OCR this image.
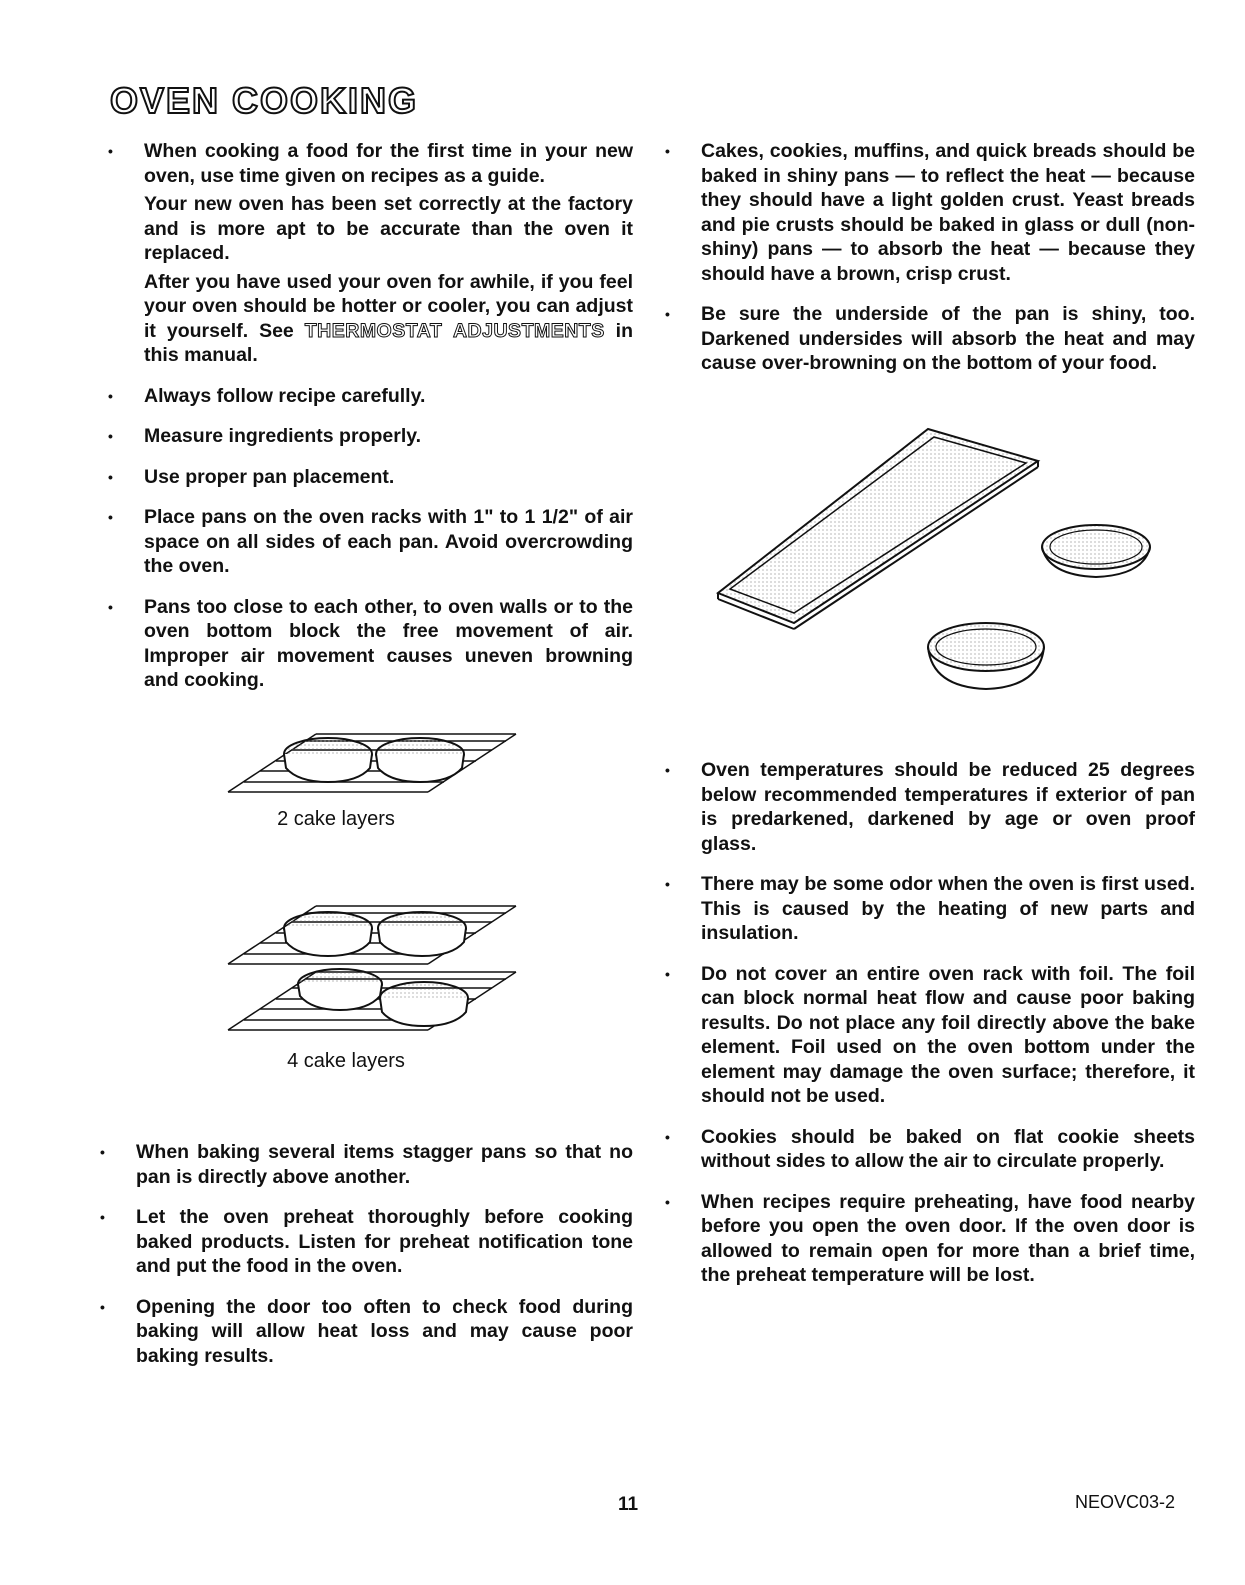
OVEN COOKING
•	When cooking a food for the first time in your new oven, use time given on recipes as a guide.

Your new oven has been set correctly at the factory and is more apt to be accurate than the oven it replaced.

After you have used your oven for awhile, if you feel your oven should be hotter or cooler, you can adjust it yourself. See THERMOSTAT ADJUSTMENTS in this manual.

•	Always follow recipe carefully.
•	Measure ingredients properly.
•	Use proper pan placement.
•	Place pans on the oven racks with 1" to 1 1/2" of air space on all sides of each pan. Avoid overcrowding the oven.
•	Pans too close to each other, to oven walls or to the oven bottom block the free movement of air. Improper air movement causes uneven browning and cooking.
•	Cakes, cookies, muffins, and quick breads should be baked in shiny pans — to reflect the heat — because they should have a light golden crust. Yeast breads and pie crusts should be baked in glass or dull (non-shiny) pans — to absorb the heat — because they should have a brown, crisp crust.
•	Be sure the underside of the pan is shiny, too. Darkened undersides will absorb the heat and may cause over-browning on the bottom of your food.
2 cake layers
4 cake layers
•	When baking several items stagger pans so that no pan is directly above another.
•	Let the oven preheat thoroughly before cooking baked products. Listen for preheat notification tone and put the food in the oven.
•	Opening the door too often to check food during baking will allow heat loss and may cause poor baking results.
•	Oven temperatures should be reduced 25 degrees below recommended temperatures if exterior of pan is predarkened, darkened by age or oven proof glass.
•	There may be some odor when the oven is first used. This is caused by the heating of new parts and insulation.
•	Do not cover an entire oven rack with foil. The foil can block normal heat flow and cause poor baking results. Do not place any foil directly above the bake element. Foil used on the oven bottom under the element may damage the oven surface; therefore, it should not be used.
•	Cookies should be baked on flat cookie sheets without sides to allow the air to circulate properly.
•	When recipes require preheating, have food nearby before you open the oven door. If the oven door is allowed to remain open for more than a brief time, the preheat temperature will be lost.
11	NEOVC03-2
